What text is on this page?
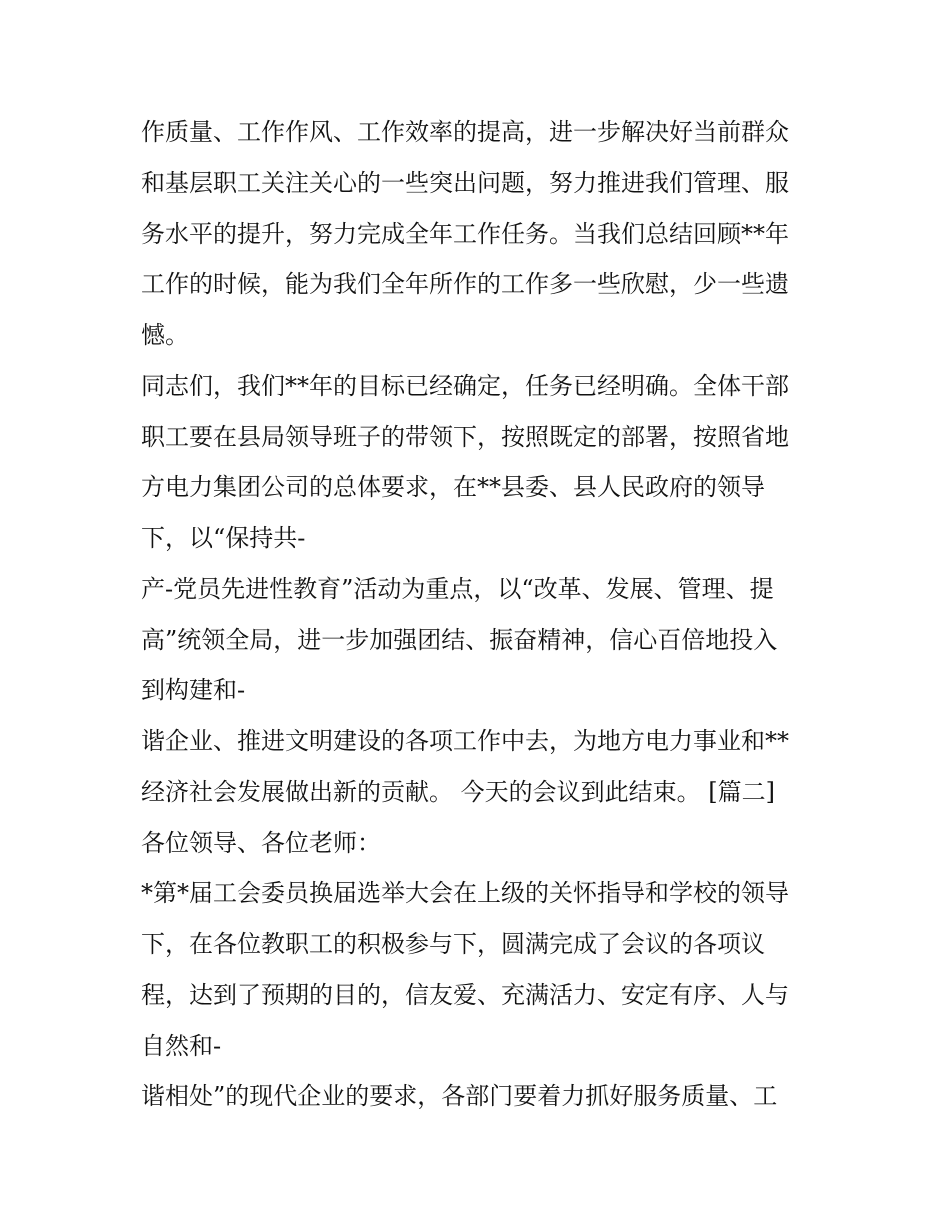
作质量、工作作风、工作效率的提高，进一步解决好当前群众
和基层职工关注关心的一些突出问题，努力推进我们管理、服
务水平的提升，努力完成全年工作任务。当我们总结回顾**年
工作的时候，能为我们全年所作的工作多一些欣慰，少一些遗
憾。
同志们，我们**年的目标已经确定，任务已经明确。全体干部
职工要在县局领导班子的带领下，按照既定的部署，按照省地
方电力集团公司的总体要求，在**县委、县人民政府的领导
下，以“保持共-
产-党员先进性教育”活动为重点，以“改革、发展、管理、提
高”统领全局，进一步加强团结、振奋精神，信心百倍地投入
到构建和-
谐企业、推进文明建设的各项工作中去，为地方电力事业和**
经济社会发展做出新的贡献。 今天的会议到此结束。 [篇二]
各位领导、各位老师：
*第*届工会委员换届选举大会在上级的关怀指导和学校的领导
下，在各位教职工的积极参与下，圆满完成了会议的各项议
程，达到了预期的目的，信友爱、充满活力、安定有序、人与
自然和-
谐相处”的现代企业的要求，各部门要着力抓好服务质量、工
